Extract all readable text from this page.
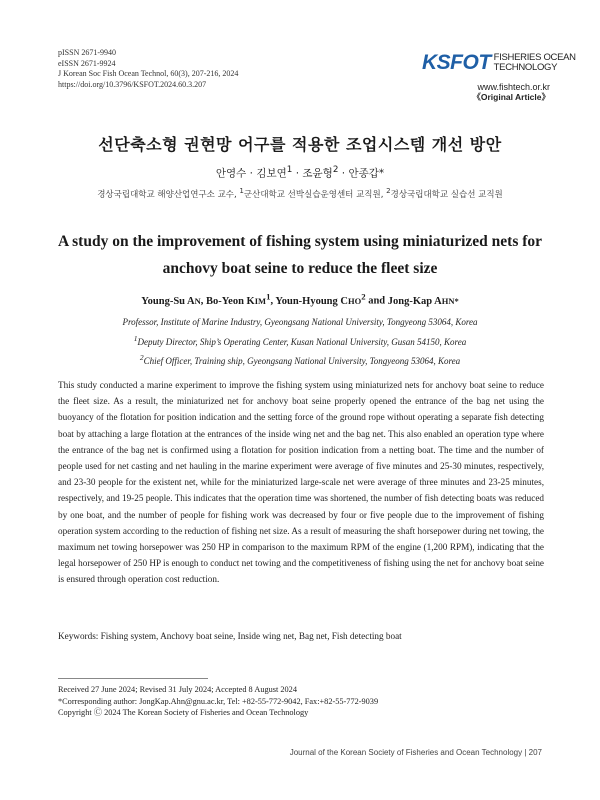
pISSN 2671-9940
eISSN 2671-9924
J Korean Soc Fish Ocean Technol, 60(3), 207-216, 2024
https://doi.org/10.3796/KSFOT.2024.60.3.207
KSFOT FISHERIES OCEAN
TECHNOLOGY
www.fishtech.or.kr
《Original Article》
선단축소형 권현망 어구를 적용한 조업시스템 개선 방안
안영수 · 김보연$^1$ · 조윤형$^2$ · 안종갑*
경상국립대학교 해양산업연구소 교수, $^1$군산대학교 선박실습운영센터 교직원, $^2$경상국립대학교 실습선 교직원
A study on the improvement of fishing system using miniaturized nets for
anchovy boat seine to reduce the fleet size
Young-Su AN, Bo-Yeon KIM$^1$, Youn-Hyoung CHO$^2$ and Jong-Kap AHN*
Professor, Institute of Marine Industry, Gyeongsang National University, Tongyeong 53064, Korea
$^1$Deputy Director, Ship’s Operating Center, Kusan National University, Gusan 54150, Korea
$^2$Chief Officer, Training ship, Gyeongsang National University, Tongyeong 53064, Korea
This study conducted a marine experiment to improve the fishing system using miniaturized nets for anchovy boat seine to reduce the fleet size. As a result, the miniaturized net for anchovy boat seine properly opened the entrance of the bag net using the buoyancy of the flotation for position indication and the setting force of the ground rope without operating a separate fish detecting boat by attaching a large flotation at the entrances of the inside wing net and the bag net. This also enabled an operation type where the entrance of the bag net is confirmed using a flotation for position indication from a netting boat. The time and the number of people used for net casting and net hauling in the marine experiment were average of five minutes and 25-30 minutes, respectively, and 23-30 people for the existent net, while for the miniaturized large-scale net were average of three minutes and 23-25 minutes, respectively, and 19-25 people. This indicates that the operation time was shortened, the number of fish detecting boats was reduced by one boat, and the number of people for fishing work was decreased by four or five people due to the improvement of fishing operation system according to the reduction of fishing net size. As a result of measuring the shaft horsepower during net towing, the maximum net towing horsepower was 250 HP in comparison to the maximum RPM of the engine (1,200 RPM), indicating that the legal horsepower of 250 HP is enough to conduct net towing and the competitiveness of fishing using the net for anchovy boat seine is ensured through operation cost reduction.
Keywords: Fishing system, Anchovy boat seine, Inside wing net, Bag net, Fish detecting boat
Received 27 June 2024; Revised 31 July 2024; Accepted 8 August 2024
*Corresponding author: JongKap.Ahn@gnu.ac.kr, Tel: +82-55-772-9042, Fax:+82-55-772-9039
Copyright Ⓒ 2024 The Korean Society of Fisheries and Ocean Technology
Journal of the Korean Society of Fisheries and Ocean Technology | 207
